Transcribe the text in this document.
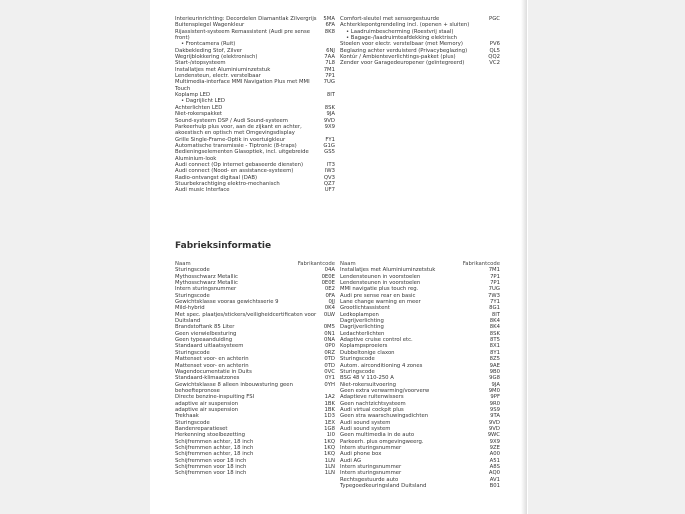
Interieurinrichting: Decordelen Diamantlak Zilvergrijs	5MA
Buitenspiegel Wagenkleur	6FA
Rijassistent-systeem Remassistent (Audi pre sense front)
8K8
• Frontcamera (Ruit)
Dakbekleding Stof, Zilver	6NJ
Wegrijblokkering (elektronisch)	7AA
Start-/stopsysteem	7L8
Installatjes met Aluminiuminzetstuk	7M1
Lendensteun, electr. verstelbaar	7P1
Multimedia-interface MMI Navigation Plus met MMI Touch
7UG
Koplamp LED	8IT
• Dagrijlicht LED
Achterlichten LED	8SK
Niet-rokerspakket	9JA
Sound-systeem DSP / Audi Sound-systeem	9VD
Parkeerhulp plus voor, aan de zijkant en achter, akoestisch en optisch met Omgevingsdisplay
9X9
Grille Single-Frame-Optik in voertuigkleur	FY1
Automatische transmissie - Tiptronic (8-traps)	G1G
Bedieningselementen Glasoptiek, incl. uitgebreide Aluminium-look
GS5
Audi connect (Op internet gebaseerde diensten)	IT3
Audi connect (Nood- en assistance-systeem)	IW3
Radio-ontvangst digitaal (DAB)	QV3
Stuurbekrachtiging elektro-mechanisch	QZ7
Audi music Interface	UF7
Comfort-sleutel met sensorgestuurde Achterklepontgrendeling incl. (openen + sluiten)
PGC
• Laadruimbescherming (Roestvrij staal)
• Bagage-/laadruimteafdekking elektrisch
Stoelen voor electr. verstelbaar (met Memory)	PV6
Beglazing achter verduisterd (Privacybeglazing)	QL5
Kontúr / Ambienteverlichtings-pakket (plus)	QQ2
Zender voor Garagedeuropener (geïntegreerd)	VC2
Fabrieksinformatie
Naam	Fabrikantcode
Sturingscode	04A
Mythosschwarz Metallic	0E0E
Mythosschwarz Metallic	0E0E
Intern sturingsnummer	0E2
Sturingscode	0FA
Gewichtsklasse vooras gewichtsserie 9	0JJ
Mild-hybrid	0K4
Met spec. plaatjes/stickers/veiligheidcertificaten voor Duitsland
0LW
Brandstoftank 85 Liter	0M5
Geen vierwielbesturing	0N1
Geen typeaanduiding	0NA
Standaard uitlaatsysteem	0P0
Sturingscode	0RZ
Mattenset voor- en achterin	0TD
Mattenset voor- en achterin	0TD
Wagendocumentatie in Duits	0VC
Standaard-klimaatzones	0Y1
Gewichtsklasse 8 alleen inbouwsturing geen behoeftepronose
0YH
Directe benzine-inspuiting FSI	1A2
adaptive air suspension	1BK
adaptive air suspension	1BK
Trekhaak	1D3
Sturingscode	1EX
Bandenreparatieset	1G8
Herkenning stoelbezetting	1I0
Schijfremmen achter, 18 inch	1KQ
Schijfremmen achter, 18 inch	1KQ
Schijfremmen achter, 18 inch	1KQ
Schijfremmen voor 18 inch	1LN
Schijfremmen voor 18 inch	1LN
Schijfremmen voor 18 inch	1LN
Naam	Fabrikantcode
Installatjes met Aluminiuminzetstuk	7M1
Lendensteunen in voorstoelen	7P1
Lendensteunen in voorstoelen	7P1
MMI navigatie plus touch reg.	7UG
Audi pre sense rear en basic	7W3
Lane change warning en meer	7Y1
Grootlichtassistent	8G1
Ledkoplampen	8IT
Dagrijverlichting	8K4
Dagrijverlichting	8K4
Ledachterlichten	8SK
Adaptive cruise control etc.	8T5
Koplampsproeiers	8X1
Dubbeltonige claxon	8Y1
Sturingscode	8Z5
Autom. airconditioning 4 zones	9AE
Sturingscode	9B0
BSG 48 V 110-250 A	9G8
Niet-rokersuitvoering	9JA
Geen extra verwarming/voorverw	9M0
Adaptieve ruitenwissers	9PF
Geen nachtzichtsysteem	9R0
Audi virtual cockpit plus	9S9
Geen stra waarschuwingsdichten	9TA
Audi sound system	9VD
Audi sound system	9VD
Geen multimedia in de auto	9WC
Parkeerh. plus omgevingweerg.	9X9
Intern sturingsnummer	9ZE
Audi phone box	A00
Audi AG	A51
Intern sturingsnummer	A8S
Intern sturingsnummer	AQ0
Rechtsgestuurde auto	AV1
Typegoedkeuringsland Duitsland	B01
